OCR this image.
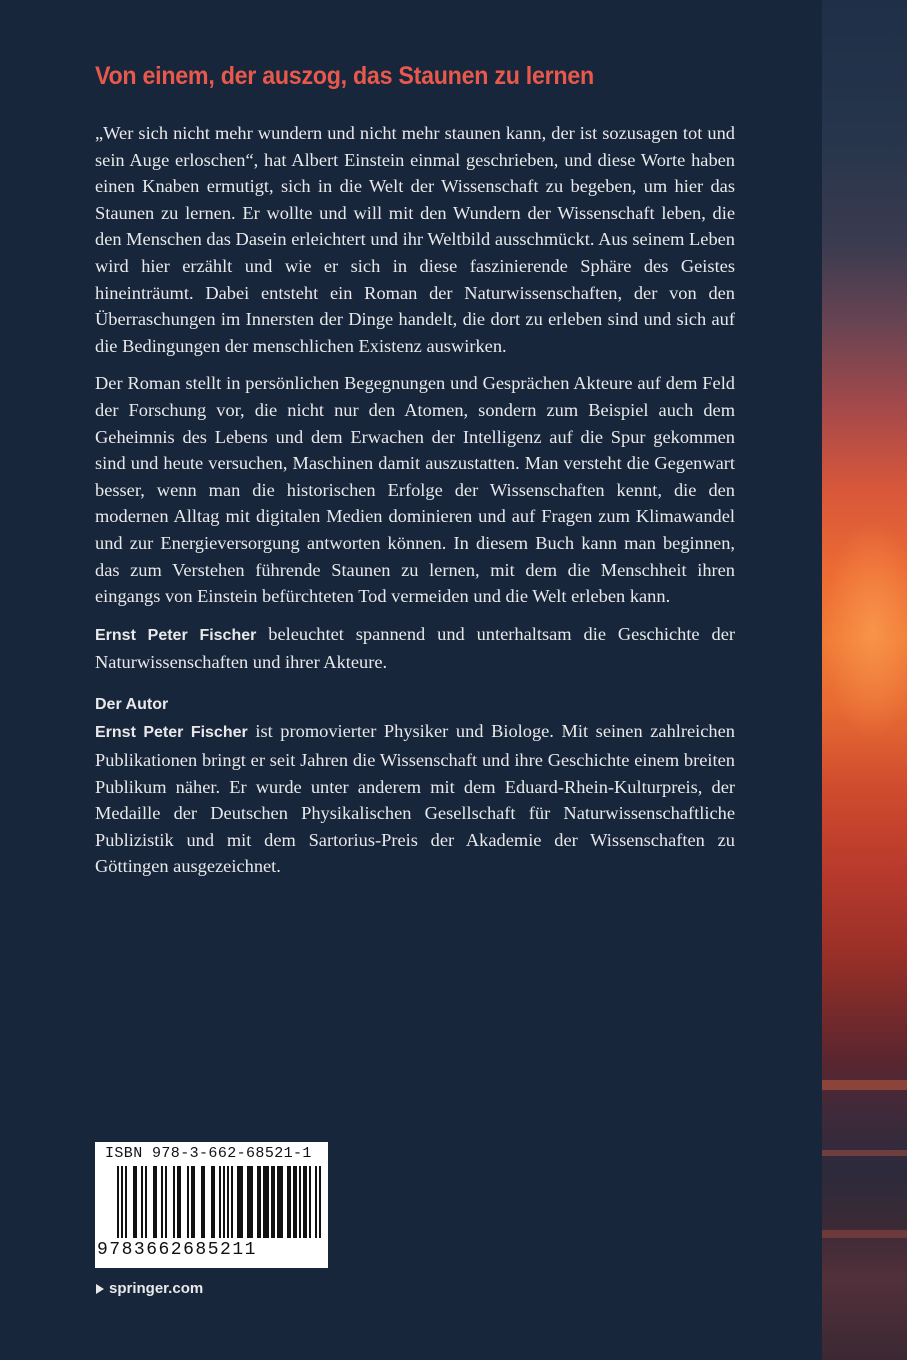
Von einem, der auszog, das Staunen zu lernen

„Wer sich nicht mehr wundern und nicht mehr staunen kann, der ist sozusagen tot und sein Auge erloschen“, hat Albert Einstein einmal geschrieben, und diese Worte haben einen Knaben ermutigt, sich in die Welt der Wissenschaft zu begeben, um hier das Staunen zu lernen. Er wollte und will mit den Wundern der Wissenschaft leben, die den Menschen das Dasein erleichtert und ihr Weltbild ausschmückt. Aus seinem Leben wird hier erzählt und wie er sich in diese faszinierende Sphäre des Geistes hineinträumt. Dabei entsteht ein Roman der Naturwissenschaften, der von den Überraschungen im Innersten der Dinge handelt, die dort zu erleben sind und sich auf die Bedingungen der menschlichen Existenz auswirken.

Der Roman stellt in persönlichen Begegnungen und Gesprächen Akteure auf dem Feld der Forschung vor, die nicht nur den Atomen, sondern zum Beispiel auch dem Geheimnis des Lebens und dem Erwachen der Intelligenz auf die Spur gekommen sind und heute versuchen, Maschinen damit auszustatten. Man versteht die Gegenwart besser, wenn man die historischen Erfolge der Wissenschaften kennt, die den modernen Alltag mit digitalen Medien dominieren und auf Fragen zum Klimawandel und zur Energieversorgung antworten können. In diesem Buch kann man beginnen, das zum Verstehen führende Staunen zu lernen, mit dem die Menschheit ihren eingangs von Einstein befürchteten Tod vermeiden und die Welt erleben kann.

Ernst Peter Fischer beleuchtet spannend und unterhaltsam die Geschichte der Naturwissenschaften und ihrer Akteure.

Der Autor

Ernst Peter Fischer ist promovierter Physiker und Biologe. Mit seinen zahlreichen Publikationen bringt er seit Jahren die Wissenschaft und ihre Geschichte einem breiten Publikum näher. Er wurde unter anderem mit dem Eduard-Rhein-Kulturpreis, der Medaille der Deutschen Physikalischen Gesellschaft für Naturwissenschaftliche Publizistik und mit dem Sartorius-Preis der Akademie der Wissenschaften zu Göttingen ausgezeichnet.

ISBN 978-3-662-68521-1
9783662685211
springer.com
